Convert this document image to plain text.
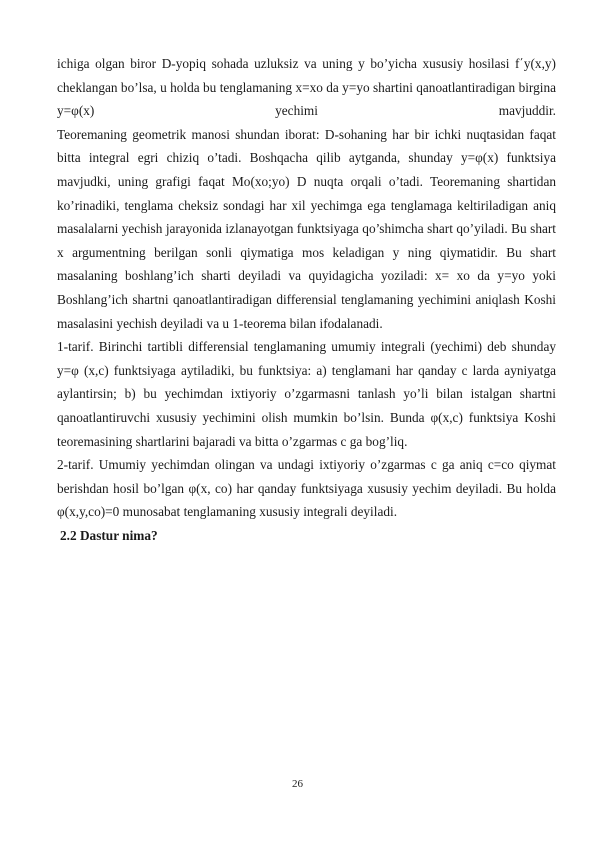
ichiga olgan biror D-yopiq sohada uzluksiz va uning y bo’yicha xususiy hosilasi f΄y(x,y) cheklangan bo’lsa, u holda bu tenglamaning x=xo da y=yo shartini qanoatlantiradigan birgina y=φ(x) yechimi mavjuddir.

Teoremaning geometrik manosi shundan iborat: D-sohaning har bir ichki nuqtasidan faqat bitta integral egri chiziq o’tadi. Boshqacha qilib aytganda, shunday y=φ(x) funktsiya mavjudki, uning grafigi faqat Mo(xo;yo) D nuqta orqali o’tadi. Teoremaning shartidan ko’rinadiki, tenglama cheksiz sondagi har xil yechimga ega tenglamaga keltiriladigan aniq masalalarni yechish jarayonida izlanayotgan funktsiyaga qo’shimcha shart qo’yiladi. Bu shart x argumentning berilgan sonli qiymatiga mos keladigan y ning qiymatidir. Bu shart masalaning boshlang’ich sharti deyiladi va quyidagicha yoziladi: x= xo da y=yo yoki Boshlang’ich shartni qanoatlantiradigan differensial tenglamaning yechimini aniqlash Koshi masalasini yechish deyiladi va u 1-teorema bilan ifodalanadi.

1-tarif. Birinchi tartibli differensial tenglamaning umumiy integrali (yechimi) deb shunday y=φ (x,c) funktsiyaga aytiladiki, bu funktsiya: a) tenglamani har qanday c larda ayniyatga aylantirsin; b) bu yechimdan ixtiyoriy o’zgarmasni tanlash yo’li bilan istalgan shartni qanoatlantiruvchi xususiy yechimini olish mumkin bo’lsin. Bunda φ(x,c) funktsiya Koshi teoremasining shartlarini bajaradi va bitta o’zgarmas c ga bog’liq.

2-tarif. Umumiy yechimdan olingan va undagi ixtiyoriy o’zgarmas c ga aniq c=co qiymat berishdan hosil bo’lgan φ(x, co) har qanday funktsiyaga xususiy yechim deyiladi. Bu holda φ(x,y,co)=0 munosabat tenglamaning xususiy integrali deyiladi.

2.2 Dastur nima?

26
